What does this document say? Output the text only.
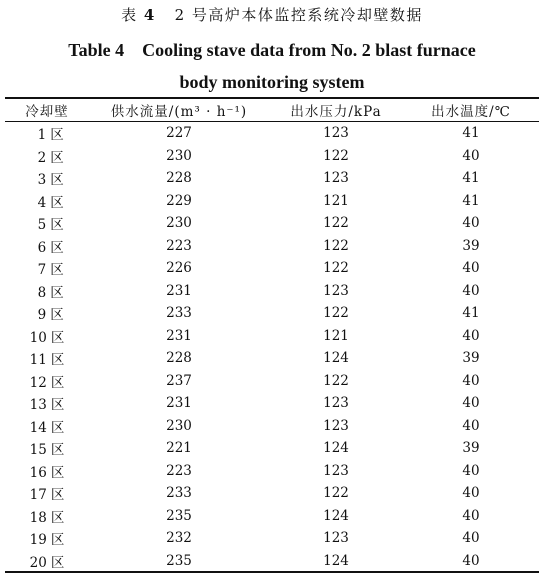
表 4 2 号高炉本体监控系统冷却壁数据
Table 4    Cooling stave data from No. 2 blast furnace
body monitoring system
冷却壁	供水流量/(m³ · h⁻¹)	出水压力/kPa	出水温度/℃
1 区	227	123	41
2 区	230	122	40
3 区	228	123	41
4 区	229	121	41
5 区	230	122	40
6 区	223	122	39
7 区	226	122	40
8 区	231	123	40
9 区	233	122	41
10 区	231	121	40
11 区	228	124	39
12 区	237	122	40
13 区	231	123	40
14 区	230	123	40
15 区	221	124	39
16 区	223	123	40
17 区	233	122	40
18 区	235	124	40
19 区	232	123	40
20 区	235	124	40
